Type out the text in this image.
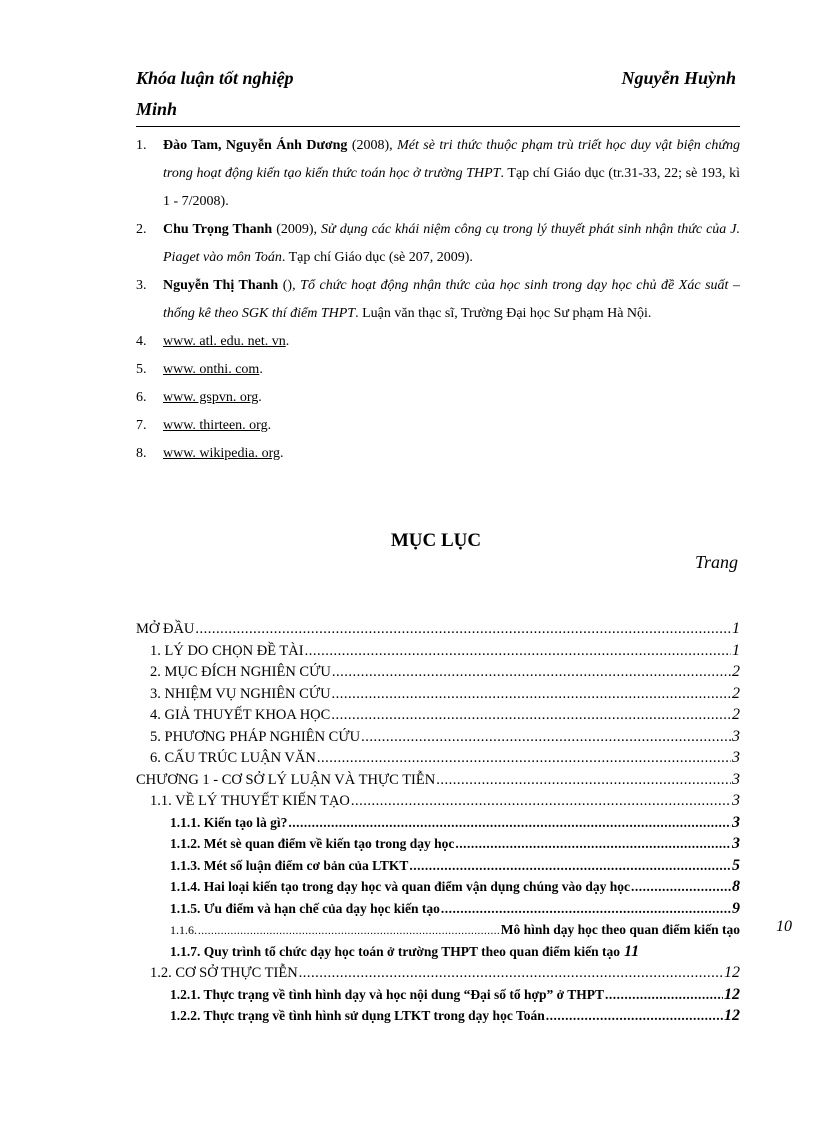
Khóa luận tốt nghiệp	Nguyễn Huỳnh
Minh
1. Đào Tam, Nguyễn Ánh Dương (2008), Mét sè tri thức thuộc phạm trù triết học duy vật biện chứng trong hoạt động kiến tạo kiến thức toán học ở trường THPT. Tạp chí Giáo dục (tr.31-33, 22; sè 193, kì 1 - 7/2008).
2. Chu Trọng Thanh (2009), Sử dụng các khái niệm công cụ trong lý thuyết phát sinh nhận thức của J. Piaget vào môn Toán. Tạp chí Giáo dục (sè 207, 2009).
3. Nguyễn Thị Thanh (), Tổ chức hoạt động nhận thức của học sinh trong dạy học chủ đề Xác suất – thống kê theo SGK thí điểm THPT. Luận văn thạc sĩ, Trường Đại học Sư phạm Hà Nội.
4. www. atl. edu. net. vn.
5. www. onthi. com.
6. www. gspvn. org.
7. www. thirteen. org.
8. www. wikipedia. org.
MỤC LỤC
Trang
MỞ ĐẦU .....	1
1. LÝ DO CHỌN ĐỀ TÀI .....	1
2. MỤC ĐÍCH NGHIÊN CỨU .....	2
3. NHIỆM VỤ NGHIÊN CỨU .....	2
4. GIẢ THUYẾT KHOA HỌC .....	2
5. PHƯƠNG PHÁP NGHIÊN CỨU .....	3
6. CẤU TRÚC LUẬN VĂN .....	3
CHƯƠNG 1 - CƠ SỞ LÝ LUẬN VÀ THỰC TIỄN .....	3
1.1. VỀ LÝ THUYẾT KIẾN TẠO .....	3
1.1.1. Kiến tạo là gì? .....	3
1.1.2. Mét sè quan điểm về kiến tạo trong dạy học .....	3
1.1.3. Mét số luận điểm cơ bản của LTKT .....	5
1.1.4. Hai loại kiến tạo trong dạy học và quan điểm vận dụng chúng vào dạy học .....	8
1.1.5. Ưu điểm và hạn chế của dạy học kiến tạo .....	9
1.1.6. .....	Mô hình dạy học theo quan điểm kiến tạo
1.1.7. Quy trình tổ chức dạy học toán ở trường THPT theo quan điểm kiến tạo 11
1.2. CƠ SỞ THỰC TIỄN .....	12
1.2.1. Thực trạng về tình hình dạy và học nội dung “Đại số tổ hợp” ở THPT .....	12
1.2.2. Thực trạng về tình hình sử dụng LTKT trong dạy học Toán .....	12
10
